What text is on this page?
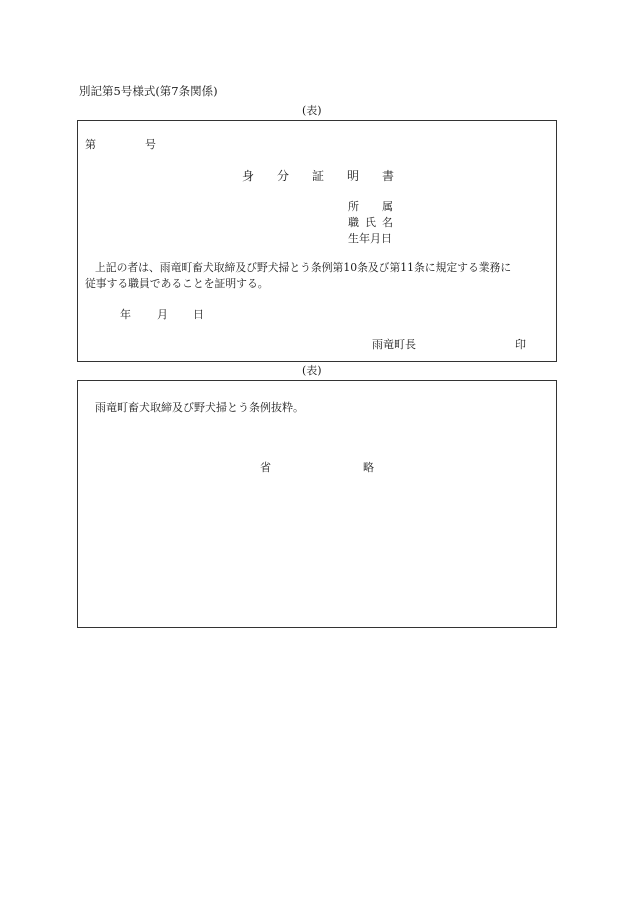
別記第5号様式(第7条関係)
(表)
第	号
身 分 証 明 書
所 属
職 氏 名
生年月日
上記の者は、雨竜町畜犬取締及び野犬掃とう条例第10条及び第11条に規定する業務に
従事する職員であることを証明する。
年 月 日
雨竜町長	印
(表)
雨竜町畜犬取締及び野犬掃とう条例抜粋。
省	略
